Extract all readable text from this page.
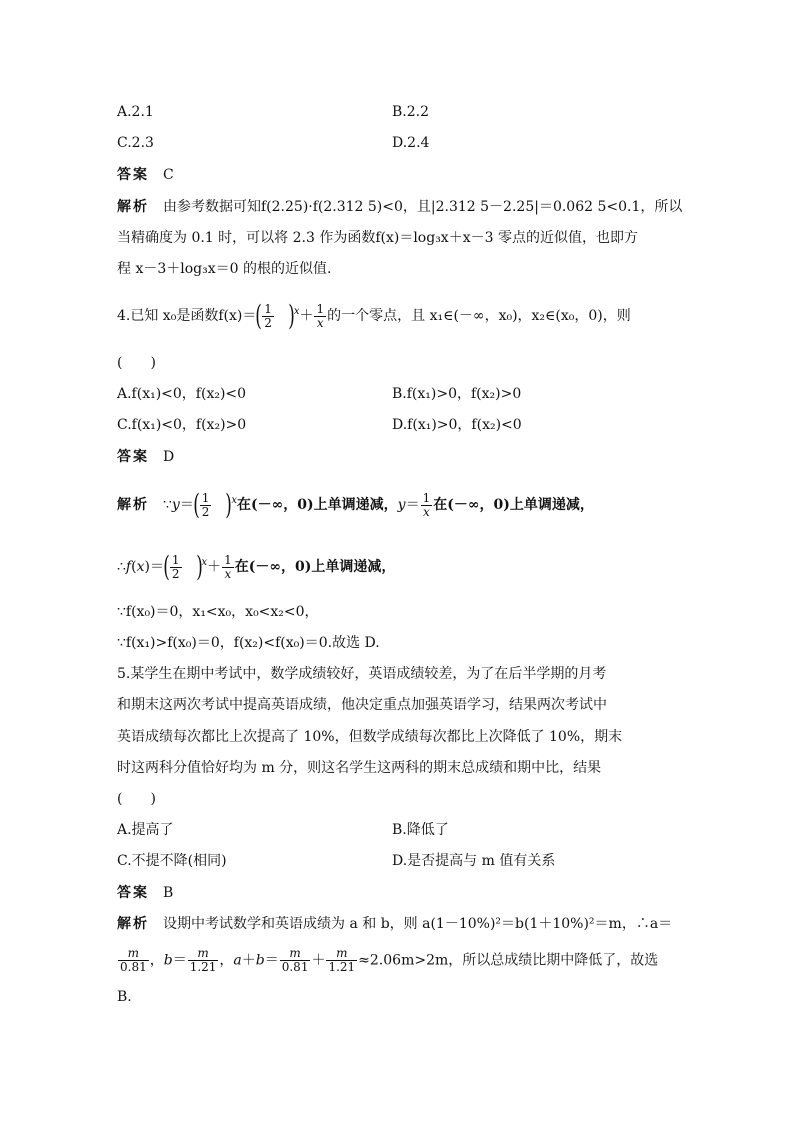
A.2.1	B.2.2
C.2.3	D.2.4
答案 C
解析 由参考数据可知f(2.25)·f(2.312 5)<0，且|2.312 5－2.25|＝0.062 5<0.1，所以
当精确度为 0.1 时，可以将 2.3 作为函数f(x)＝log₃x＋x－3 零点的近似值，也即方
程 x－3＋log₃x＝0 的根的近似值.
4.已知 x₀是函数$f(x)=( \frac{1}{2} )^x+ \frac{1}{x}$ 的一个零点，且 x₁∈(－∞，x₀)，x₂∈(x₀，0)，则
(　　)
A.f(x₁)<0，f(x₂)<0	B.f(x₁)>0，f(x₂)>0
C.f(x₁)<0，f(x₂)>0	D.f(x₁)>0，f(x₂)<0
答案 D
解析 ∵y＝( $\frac{1}{2} )^x$在(－∞，0)上单调递减，$y= \frac{1}{x}$ 在(－∞，0)上单调递减，
∴f(x)＝( $\frac{1}{2} )^x+ \frac{1}{x}$ 在(－∞，0)上单调递减，
∵f(x₀)＝0，x₁<x₀，x₀<x₂<0，
∵f(x₁)>f(x₀)＝0，f(x₂)<f(x₀)＝0.故选 D.
5.某学生在期中考试中，数学成绩较好，英语成绩较差，为了在后半学期的月考
和期末这两次考试中提高英语成绩，他决定重点加强英语学习，结果两次考试中
英语成绩每次都比上次提高了 10%，但数学成绩每次都比上次降低了 10%，期末
时这两科分值恰好均为 m 分，则这名学生这两科的期末总成绩和期中比，结果
(　　)
A.提高了	B.降低了
C.不提不降(相同)	D.是否提高与 m 值有关系
答案 B
解析 设期中考试数学和英语成绩为 a 和 b，则 a(1－10%)²＝b(1＋10%)²＝m，∴a＝
$\frac{m}{0.81}$ ，$b= \frac{m}{1.21}$ ，$a+b= \frac{m}{0.81} + \frac{m}{1.21} \approx 2.06m>2m$，所以总成绩比期中降低了，故选
B.
